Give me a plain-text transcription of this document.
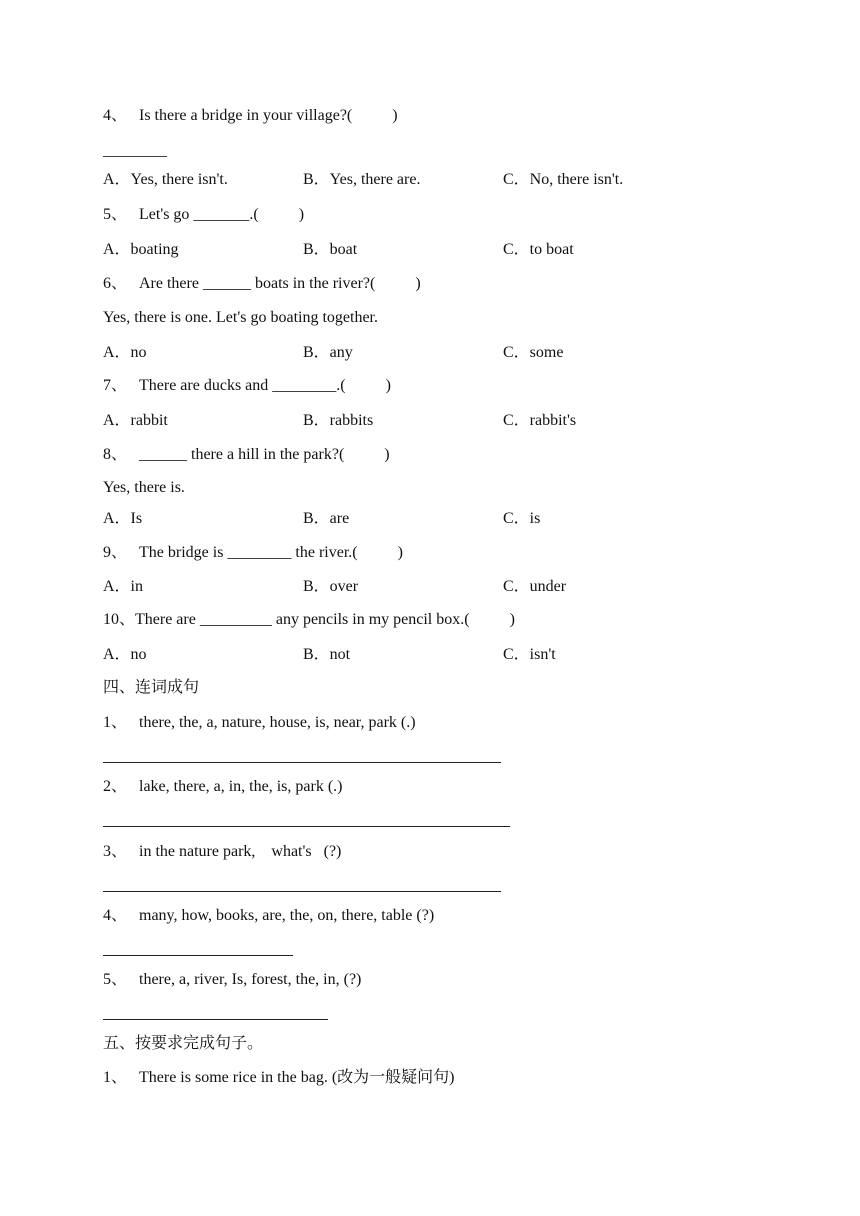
4、   Is there a bridge in your village?(          )
________
A．Yes, there isn't.	B．Yes, there are.	C．No, there isn't.
5、   Let's go _______.(          )
A．boating	B．boat	C．to boat
6、   Are there ______ boats in the river?(          )
Yes, there is one. Let's go boating together.
A．no	B．any	C．some
7、   There are ducks and ________.(          )
A．rabbit	B．rabbits	C．rabbit's
8、   ______ there a hill in the park?(          )
Yes, there is.
A．Is	B．are	C．is
9、   The bridge is ________ the river.(          )
A．in	B．over	C．under
10、There are _________ any pencils in my pencil box.(          )
A．no	B．not	C．isn't
四、连词成句
1、   there, the, a, nature, house, is, near, park (.)
2、   lake, there, a, in, the, is, park (.)
3、   in the nature park,    what's   (?)
4、   many, how, books, are, the, on, there, table (?)
5、   there, a, river, Is, forest, the, in, (?)
五、按要求完成句子。
1、   There is some rice in the bag. (改为一般疑问句)
